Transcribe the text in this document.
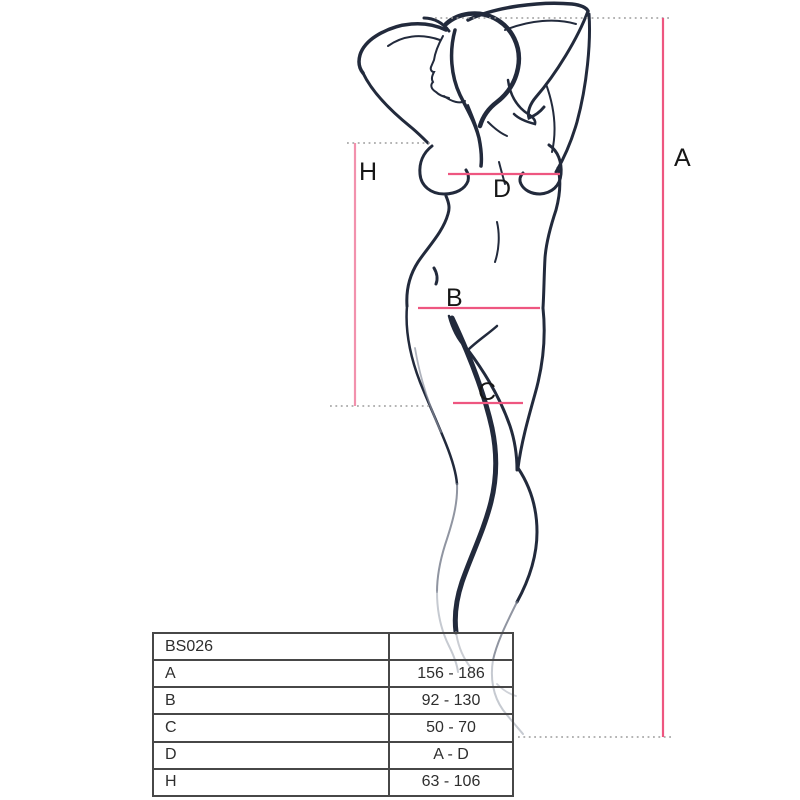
A
H
D
B
C
BS026	
A	156 - 186
B	92 - 130
C	50 - 70
D	A - D
H	63 - 106
